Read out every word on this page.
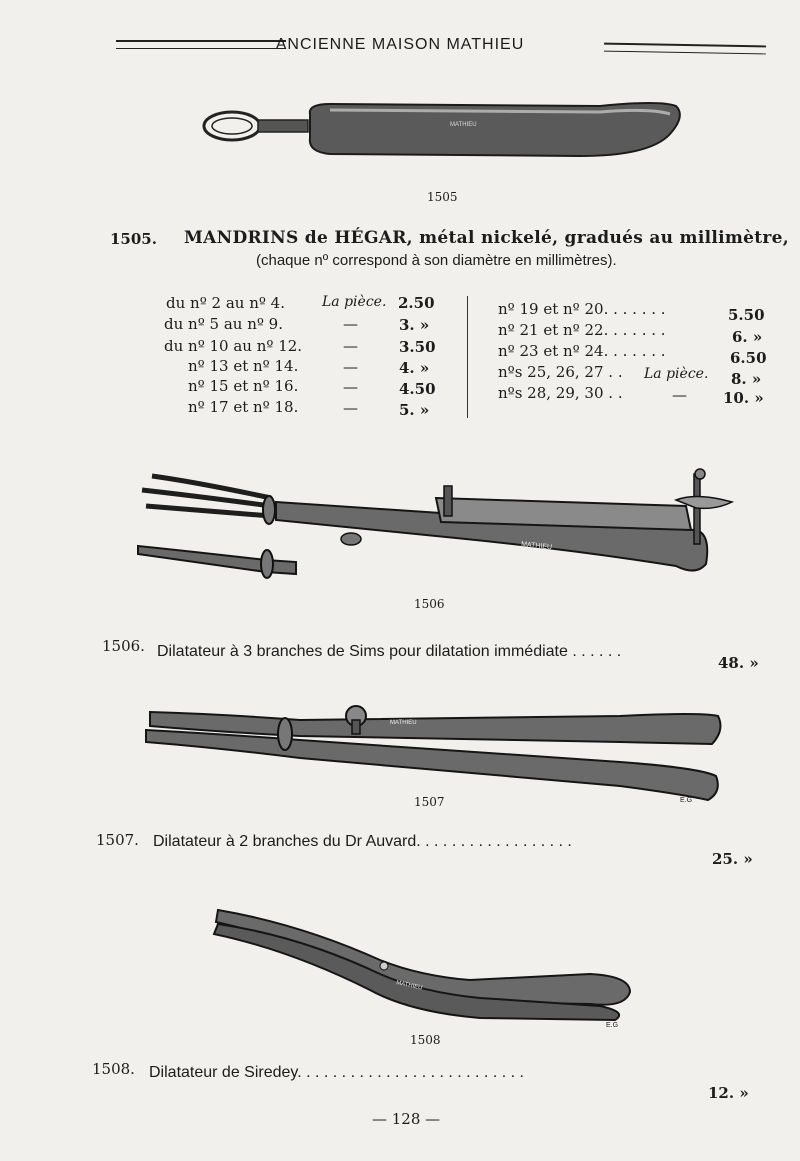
ANCIENNE MAISON MATHIEU
MATHIEU
1505
1505. MANDRINS de HÉGAR, métal nickelé, gradués au millimètre,
(chaque nº correspond à son diamètre en millimètres).
du nº 2 au nº 4.	La pièce. 2.50
du nº 5 au nº 9.	—	3. »
du nº 10 au nº 12.	—	3.50
nº 13 et nº 14.	—	4. »
nº 15 et nº 16.	—	4.50
nº 17 et nº 18.	—	5. »
nº 19 et nº 20. . . . . . .	5.50
nº 21 et nº 22. . . . . . .	6. »
nº 23 et nº 24. . . . . . .	6.50
nºs 25, 26, 27 . . La pièce. 8. »
nºs 28, 29, 30 . .	— 10. »
MATHIEU
1506
1506. Dilatateur à 3 branches de Sims pour dilatation immédiate . . . . . .
48. »
MATHIEU
1507	E.G
1507. Dilatateur à 2 branches du Dr Auvard. . . . . . . . . . . . . . . . . .
25. »
MATHIEU
1508
E.G
1508. Dilatateur de Siredey. . . . . . . . . . . . . . . . . . . . . . . . . .
12. »
— 128 —
